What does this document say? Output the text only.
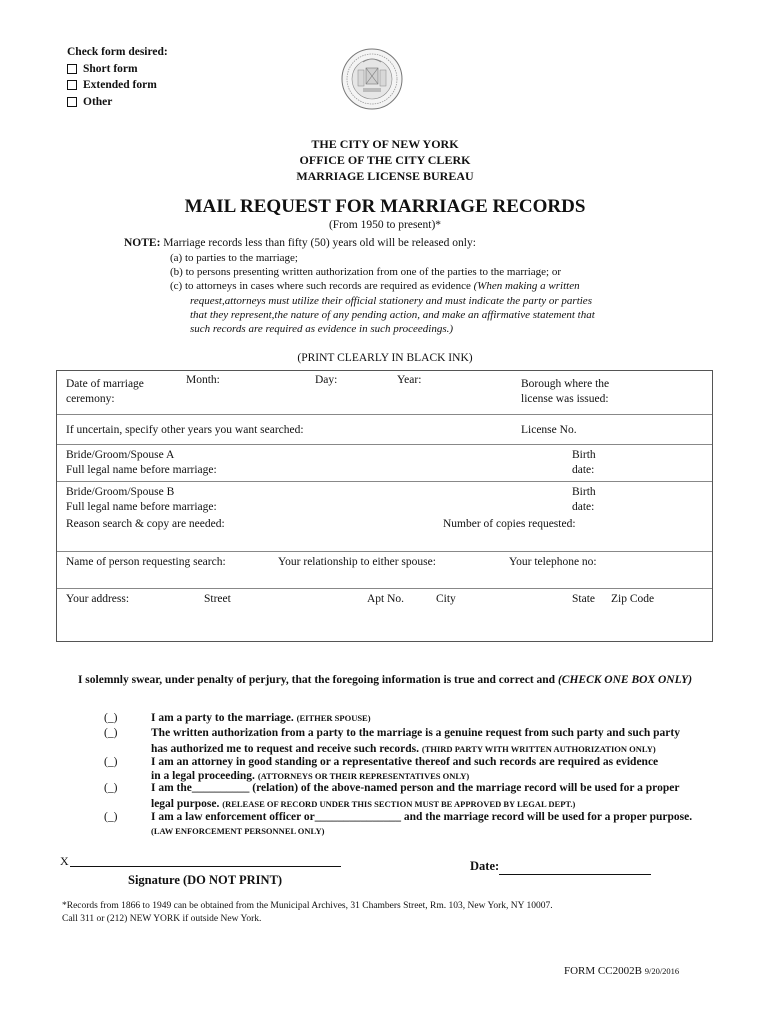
Check form desired:
Short form
Extended form
Other
THE CITY OF NEW YORK
OFFICE OF THE CITY CLERK
MARRIAGE LICENSE BUREAU
MAIL REQUEST FOR MARRIAGE RECORDS
(From 1950 to present)*
NOTE: Marriage records less than fifty (50) years old will be released only:
(a) to parties to the marriage;
(b) to persons presenting written authorization from one of the parties to the marriage; or
(c) to attorneys in cases where such records are required as evidence (When making a written
request,attorneys must utilize their official stationery and must indicate the party or parties
that they represent,the nature of any pending action, and make an affirmative statement that
such records are required as evidence in such proceedings.)
(PRINT CLEARLY IN BLACK INK)
Date of marriage
ceremony:
Month:	Day:	Year:	Borough where the
license was issued:
If uncertain, specify other years you want searched:	License No.
Bride/Groom/Spouse A
Full legal name before marriage:
Birth
date:
Bride/Groom/Spouse B
Full legal name before marriage:
Birth
date:
Reason search & copy are needed:	Number of copies requested:
Name of person requesting search:	Your relationship to either spouse:	Your telephone no:
Your address:	Street	Apt No.	City	State Zip Code
I solemnly swear, under penalty of perjury, that the foregoing information is true and correct and (CHECK ONE BOX ONLY)
(_)	I am a party to the marriage. (EITHER SPOUSE)
(_)	The written authorization from a party to the marriage is a genuine request from such party and such party
has authorized me to request and receive such records. (THIRD PARTY WITH WRITTEN AUTHORIZATION ONLY)
(_)	I am an attorney in good standing or a representative thereof and such records are required as evidence
in a legal proceeding. (ATTORNEYS OR THEIR REPRESENTATIVES ONLY)
(_)	I am the__________ (relation) of the above-named person and the marriage record will be used for a proper
legal purpose. (RELEASE OF RECORD UNDER THIS SECTION MUST BE APPROVED BY LEGAL DEPT.)
(_)	I am a law enforcement officer or_______________ and the marriage record will be used for a proper purpose.
(LAW ENFORCEMENT PERSONNEL ONLY)
X
Signature (DO NOT PRINT)
Date:
*Records from 1866 to 1949 can be obtained from the Municipal Archives, 31 Chambers Street, Rm. 103, New York, NY 10007.
Call 311 or (212) NEW YORK if outside New York.
FORM CC2002B 9/20/2016
